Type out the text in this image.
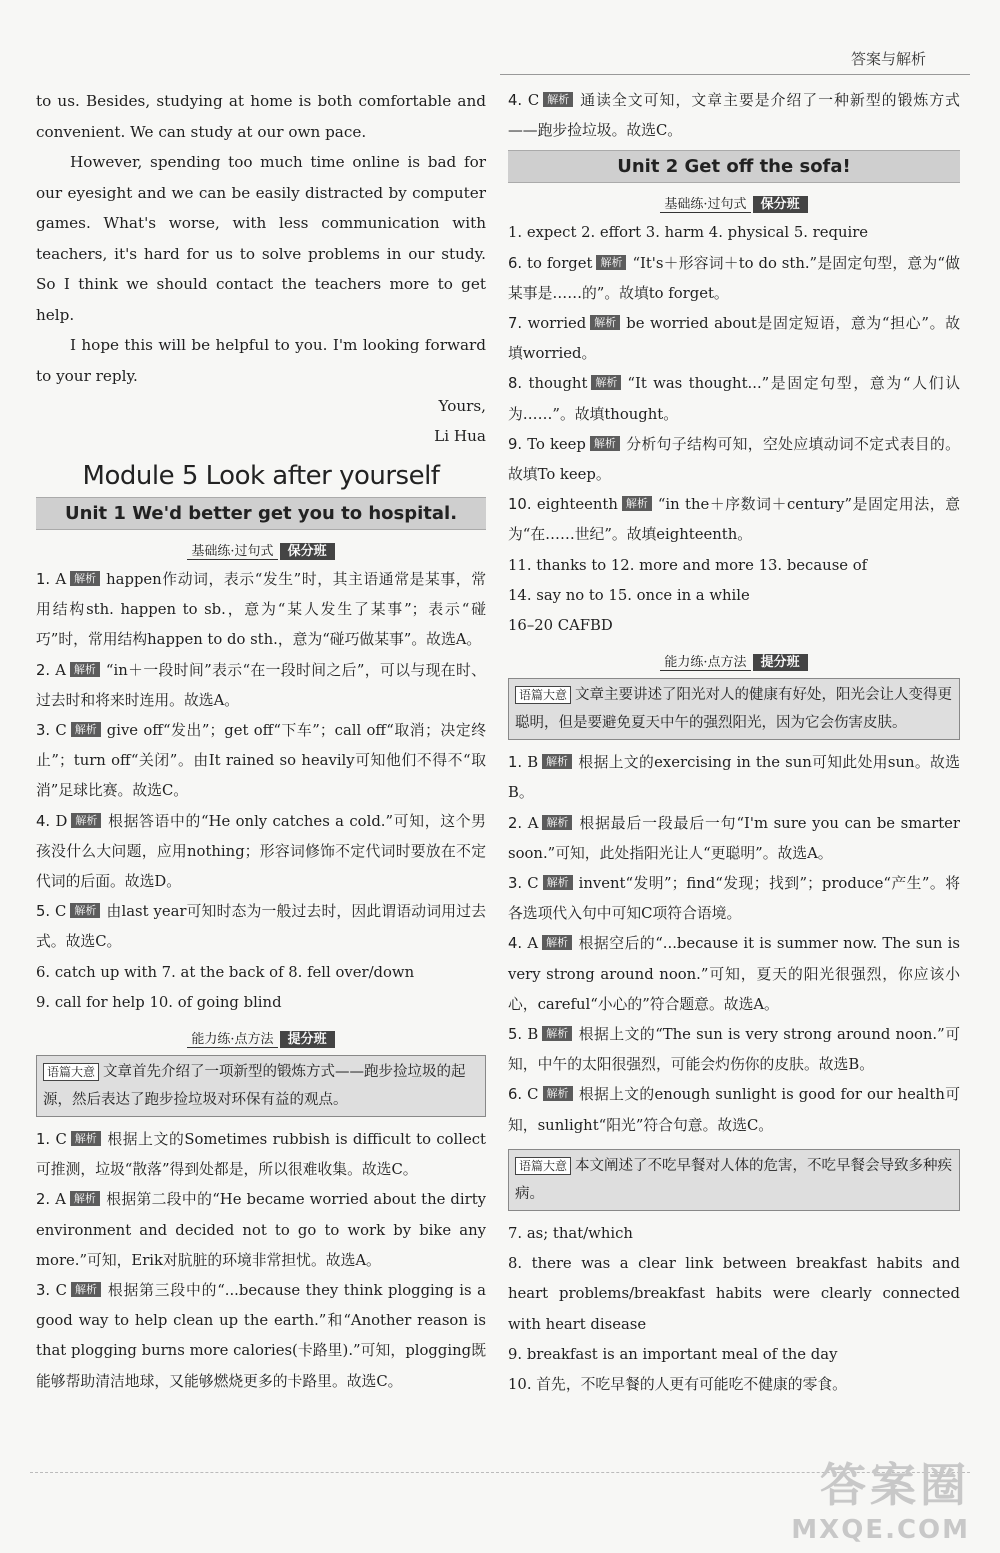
答案与解析

to us. Besides, studying at home is both comfortable and convenient. We can study at our own pace.

However, spending too much time online is bad for our eyesight and we can be easily distracted by computer games. What's worse, with less communication with teachers, it's hard for us to solve problems in our study. So I think we should contact the teachers more to get help.

I hope this will be helpful to you. I'm looking forward to your reply.

Yours,

Li Hua

Module 5 Look after yourself
Unit 1 We'd better get you to hospital.
基础练·过句式 保分班

1. A 解析 happen作动词，表示“发生”时，其主语通常是某事，常用结构sth. happen to sb.，意为“某人发生了某事”；表示“碰巧”时，常用结构happen to do sth.，意为“碰巧做某事”。故选A。

2. A 解析 “in＋一段时间”表示“在一段时间之后”，可以与现在时、过去时和将来时连用。故选A。

3. C 解析 give off“发出”；get off“下车”；call off“取消；决定终止”；turn off“关闭”。由It rained so heavily可知他们不得不“取消”足球比赛。故选C。

4. D 解析 根据答语中的“He only catches a cold.”可知，这个男孩没什么大问题，应用nothing；形容词修饰不定代词时要放在不定代词的后面。故选D。

5. C 解析 由last year可知时态为一般过去时，因此谓语动词用过去式。故选C。

6. catch up with 7. at the back of 8. fell over/down

9. call for help 10. of going blind

能力练·点方法 提分班
语篇大意 文章首先介绍了一项新型的锻炼方式——跑步捡垃圾的起源，然后表达了跑步捡垃圾对环保有益的观点。

1. C 解析 根据上文的Sometimes rubbish is difficult to collect可推测，垃圾“散落”得到处都是，所以很难收集。故选C。

2. A 解析 根据第二段中的“He became worried about the dirty environment and decided not to go to work by bike any more.”可知，Erik对肮脏的环境非常担忧。故选A。

3. C 解析 根据第三段中的“...because they think plogging is a good way to help clean up the earth.”和“Another reason is that plogging burns more calories(卡路里).”可知，plogging既能够帮助清洁地球，又能够燃烧更多的卡路里。故选C。

4. C 解析 通读全文可知，文章主要是介绍了一种新型的锻炼方式——跑步捡垃圾。故选C。

Unit 2 Get off the sofa!
基础练·过句式 保分班

1. expect 2. effort 3. harm 4. physical 5. require

6. to forget 解析 “It's＋形容词＋to do sth.”是固定句型，意为“做某事是……的”。故填to forget。

7. worried 解析 be worried about是固定短语，意为“担心”。故填worried。

8. thought 解析 “It was thought...”是固定句型，意为“人们认为……”。故填thought。

9. To keep 解析 分析句子结构可知，空处应填动词不定式表目的。故填To keep。

10. eighteenth 解析 “in the＋序数词＋century”是固定用法，意为“在……世纪”。故填eighteenth。

11. thanks to 12. more and more 13. because of

14. say no to 15. once in a while

16–20 CAFBD

能力练·点方法 提分班
语篇大意 文章主要讲述了阳光对人的健康有好处，阳光会让人变得更聪明，但是要避免夏天中午的强烈阳光，因为它会伤害皮肤。

1. B 解析 根据上文的exercising in the sun可知此处用sun。故选B。

2. A 解析 根据最后一段最后一句“I'm sure you can be smarter soon.”可知，此处指阳光让人“更聪明”。故选A。

3. C 解析 invent“发明”；find“发现；找到”；produce“产生”。将各选项代入句中可知C项符合语境。

4. A 解析 根据空后的“...because it is summer now. The sun is very strong around noon.”可知，夏天的阳光很强烈，你应该小心，careful“小心的”符合题意。故选A。

5. B 解析 根据上文的“The sun is very strong around noon.”可知，中午的太阳很强烈，可能会灼伤你的皮肤。故选B。

6. C 解析 根据上文的enough sunlight is good for our health可知，sunlight“阳光”符合句意。故选C。

语篇大意 本文阐述了不吃早餐对人体的危害，不吃早餐会导致多种疾病。

7. as; that/which

8. there was a clear link between breakfast habits and heart problems/breakfast habits were clearly connected with heart disease

9. breakfast is an important meal of the day

10. 首先，不吃早餐的人更有可能吃不健康的零食。

答案圈
MXQE.COM
